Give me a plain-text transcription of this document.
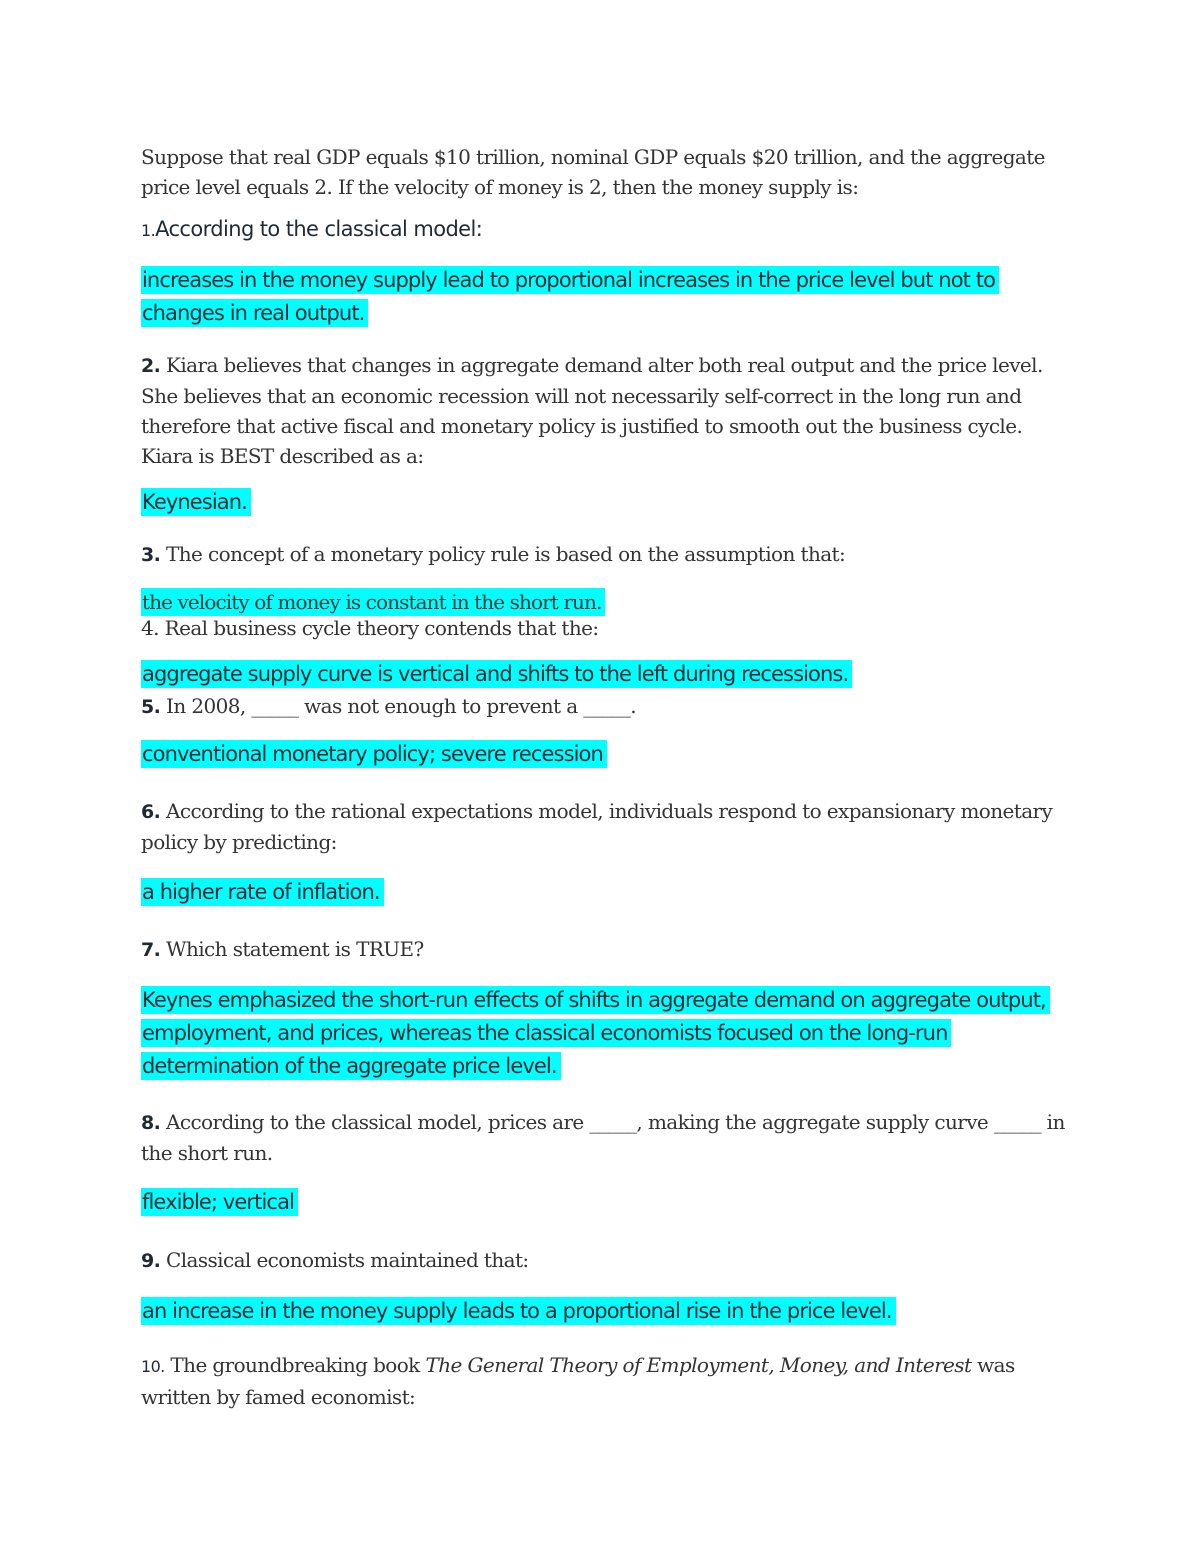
Suppose that real GDP equals $10 trillion, nominal GDP equals $20 trillion, and the aggregate price level equals 2. If the velocity of money is 2, then the money supply is:

1.According to the classical model:

increases in the money supply lead to proportional increases in the price level but not to changes in real output.

2. Kiara believes that changes in aggregate demand alter both real output and the price level. She believes that an economic recession will not necessarily self-correct in the long run and therefore that active fiscal and monetary policy is justified to smooth out the business cycle. Kiara is BEST described as a:

Keynesian.

3. The concept of a monetary policy rule is based on the assumption that:

the velocity of money is constant in the short run.

4. Real business cycle theory contends that the:

aggregate supply curve is vertical and shifts to the left during recessions.

5. In 2008, _____ was not enough to prevent a _____.

conventional monetary policy; severe recession

6. According to the rational expectations model, individuals respond to expansionary monetary policy by predicting:

a higher rate of inflation.

7. Which statement is TRUE?

Keynes emphasized the short-run effects of shifts in aggregate demand on aggregate output, employment, and prices, whereas the classical economists focused on the long-run determination of the aggregate price level.

8. According to the classical model, prices are _____, making the aggregate supply curve _____ in the short run.

flexible; vertical

9. Classical economists maintained that:

an increase in the money supply leads to a proportional rise in the price level.

10. The groundbreaking book The General Theory of Employment, Money, and Interest was written by famed economist:
